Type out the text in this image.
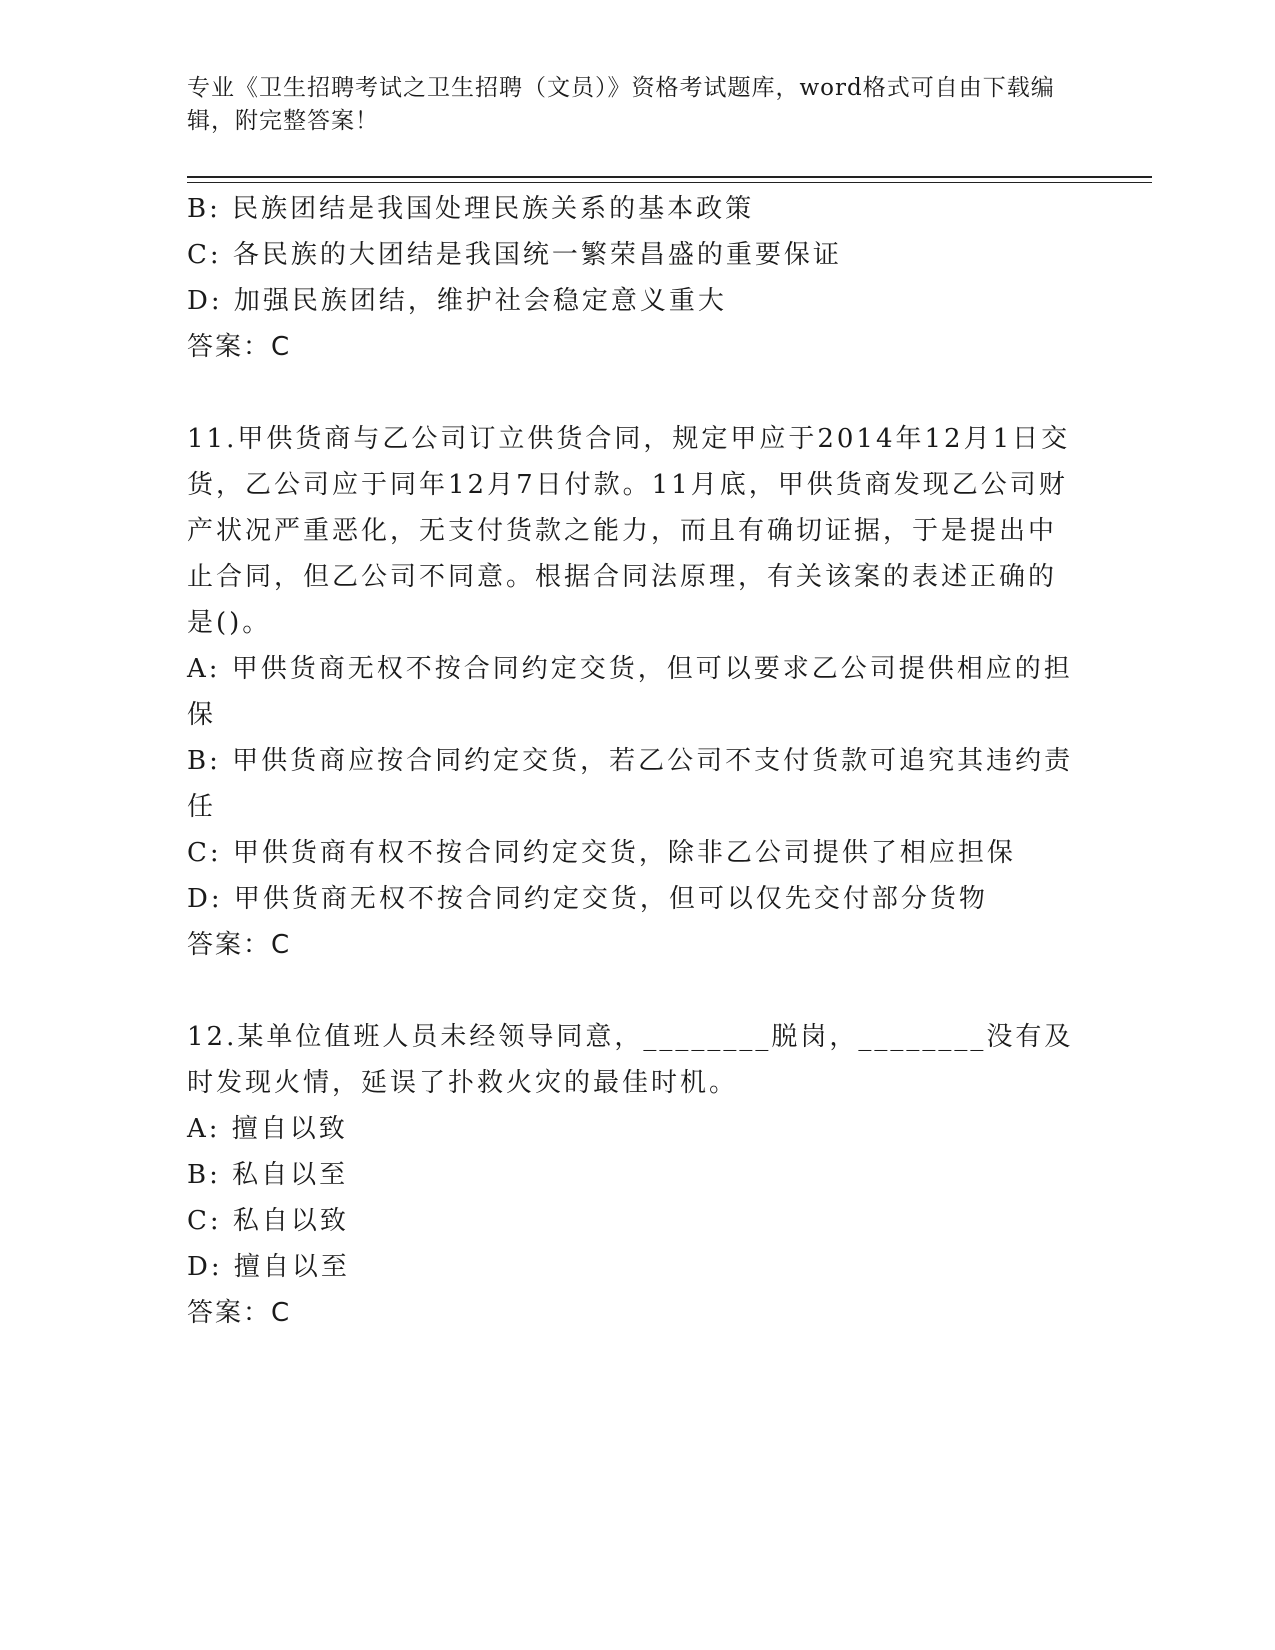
专业《卫生招聘考试之卫生招聘（文员）》资格考试题库，word格式可自由下载编辑，附完整答案！

B: 民族团结是我国处理民族关系的基本政策

C: 各民族的大团结是我国统一繁荣昌盛的重要保证

D: 加强民族团结，维护社会稳定意义重大

答案：C

11.甲供货商与乙公司订立供货合同，规定甲应于2014年12月1日交货，乙公司应于同年12月7日付款。11月底，甲供货商发现乙公司财产状况严重恶化，无支付货款之能力，而且有确切证据，于是提出中止合同，但乙公司不同意。根据合同法原理，有关该案的表述正确的是()。

A: 甲供货商无权不按合同约定交货，但可以要求乙公司提供相应的担保

B: 甲供货商应按合同约定交货，若乙公司不支付货款可追究其违约责任

C: 甲供货商有权不按合同约定交货，除非乙公司提供了相应担保

D: 甲供货商无权不按合同约定交货，但可以仅先交付部分货物

答案：C

12.某单位值班人员未经领导同意，________脱岗，________没有及时发现火情，延误了扑救火灾的最佳时机。

A: 擅自以致

B: 私自以至

C: 私自以致

D: 擅自以至

答案：C
